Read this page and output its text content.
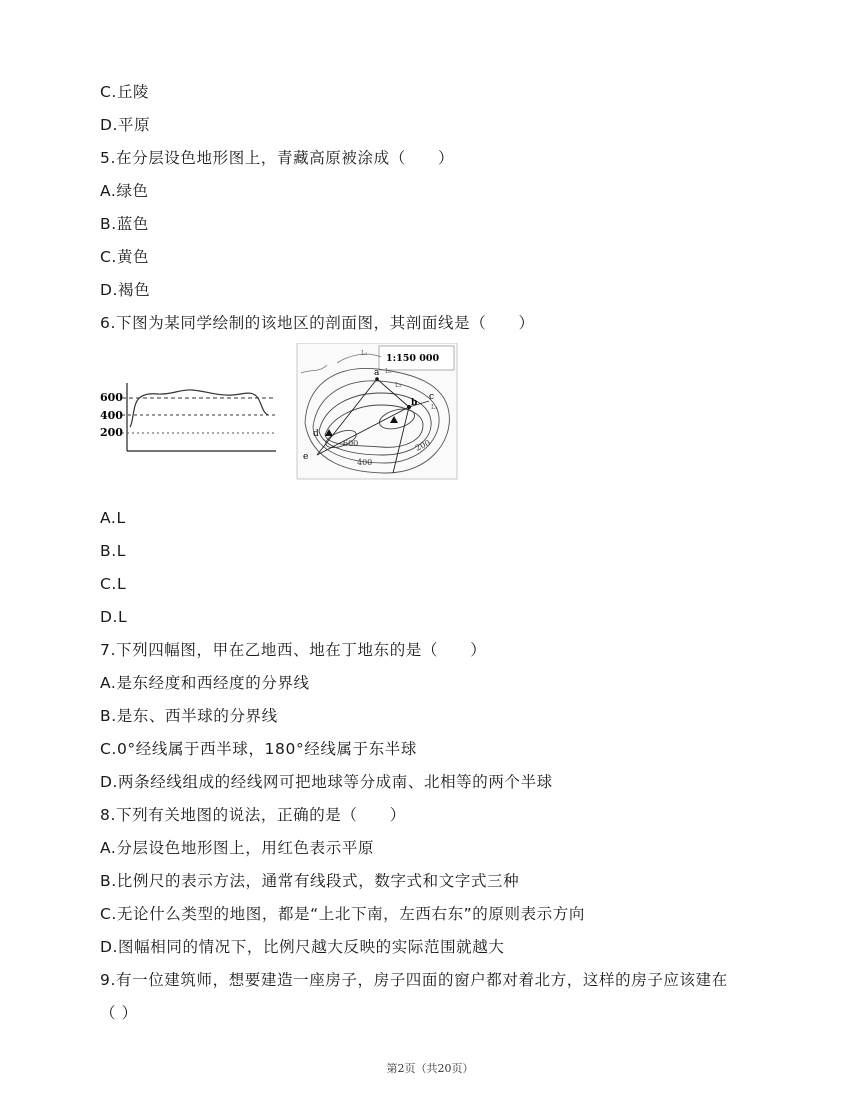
C.丘陵
D.平原
5.在分层设色地形图上，青藏高原被涂成（　　）
A.绿色
B.蓝色
C.黄色
D.褐色
6.下图为某同学绘制的该地区的剖面图，其剖面线是（　　）
A.L
B.L
C.L
D.L
7.下列四幅图，甲在乙地西、地在丁地东的是（　　）
A.是东经度和西经度的分界线
B.是东、西半球的分界线
C.0°经线属于西半球，180°经线属于东半球
D.两条经线组成的经线网可把地球等分成南、北相等的两个半球
8.下列有关地图的说法，正确的是（　　）
A.分层设色地形图上，用红色表示平原
B.比例尺的表示方法，通常有线段式，数字式和文字式三种
C.无论什么类型的地图，都是“上北下南，左西右东”的原则表示方向
D.图幅相同的情况下，比例尺越大反映的实际范围就越大
9.有一位建筑师，想要建造一座房子，房子四面的窗户都对着北方，这样的房子应该建在
（ ）
600
400
200
1:150 000
a
b
c
d
e
L₁
L₂
L₃
L₄
600
400
200
第2页（共20页）
